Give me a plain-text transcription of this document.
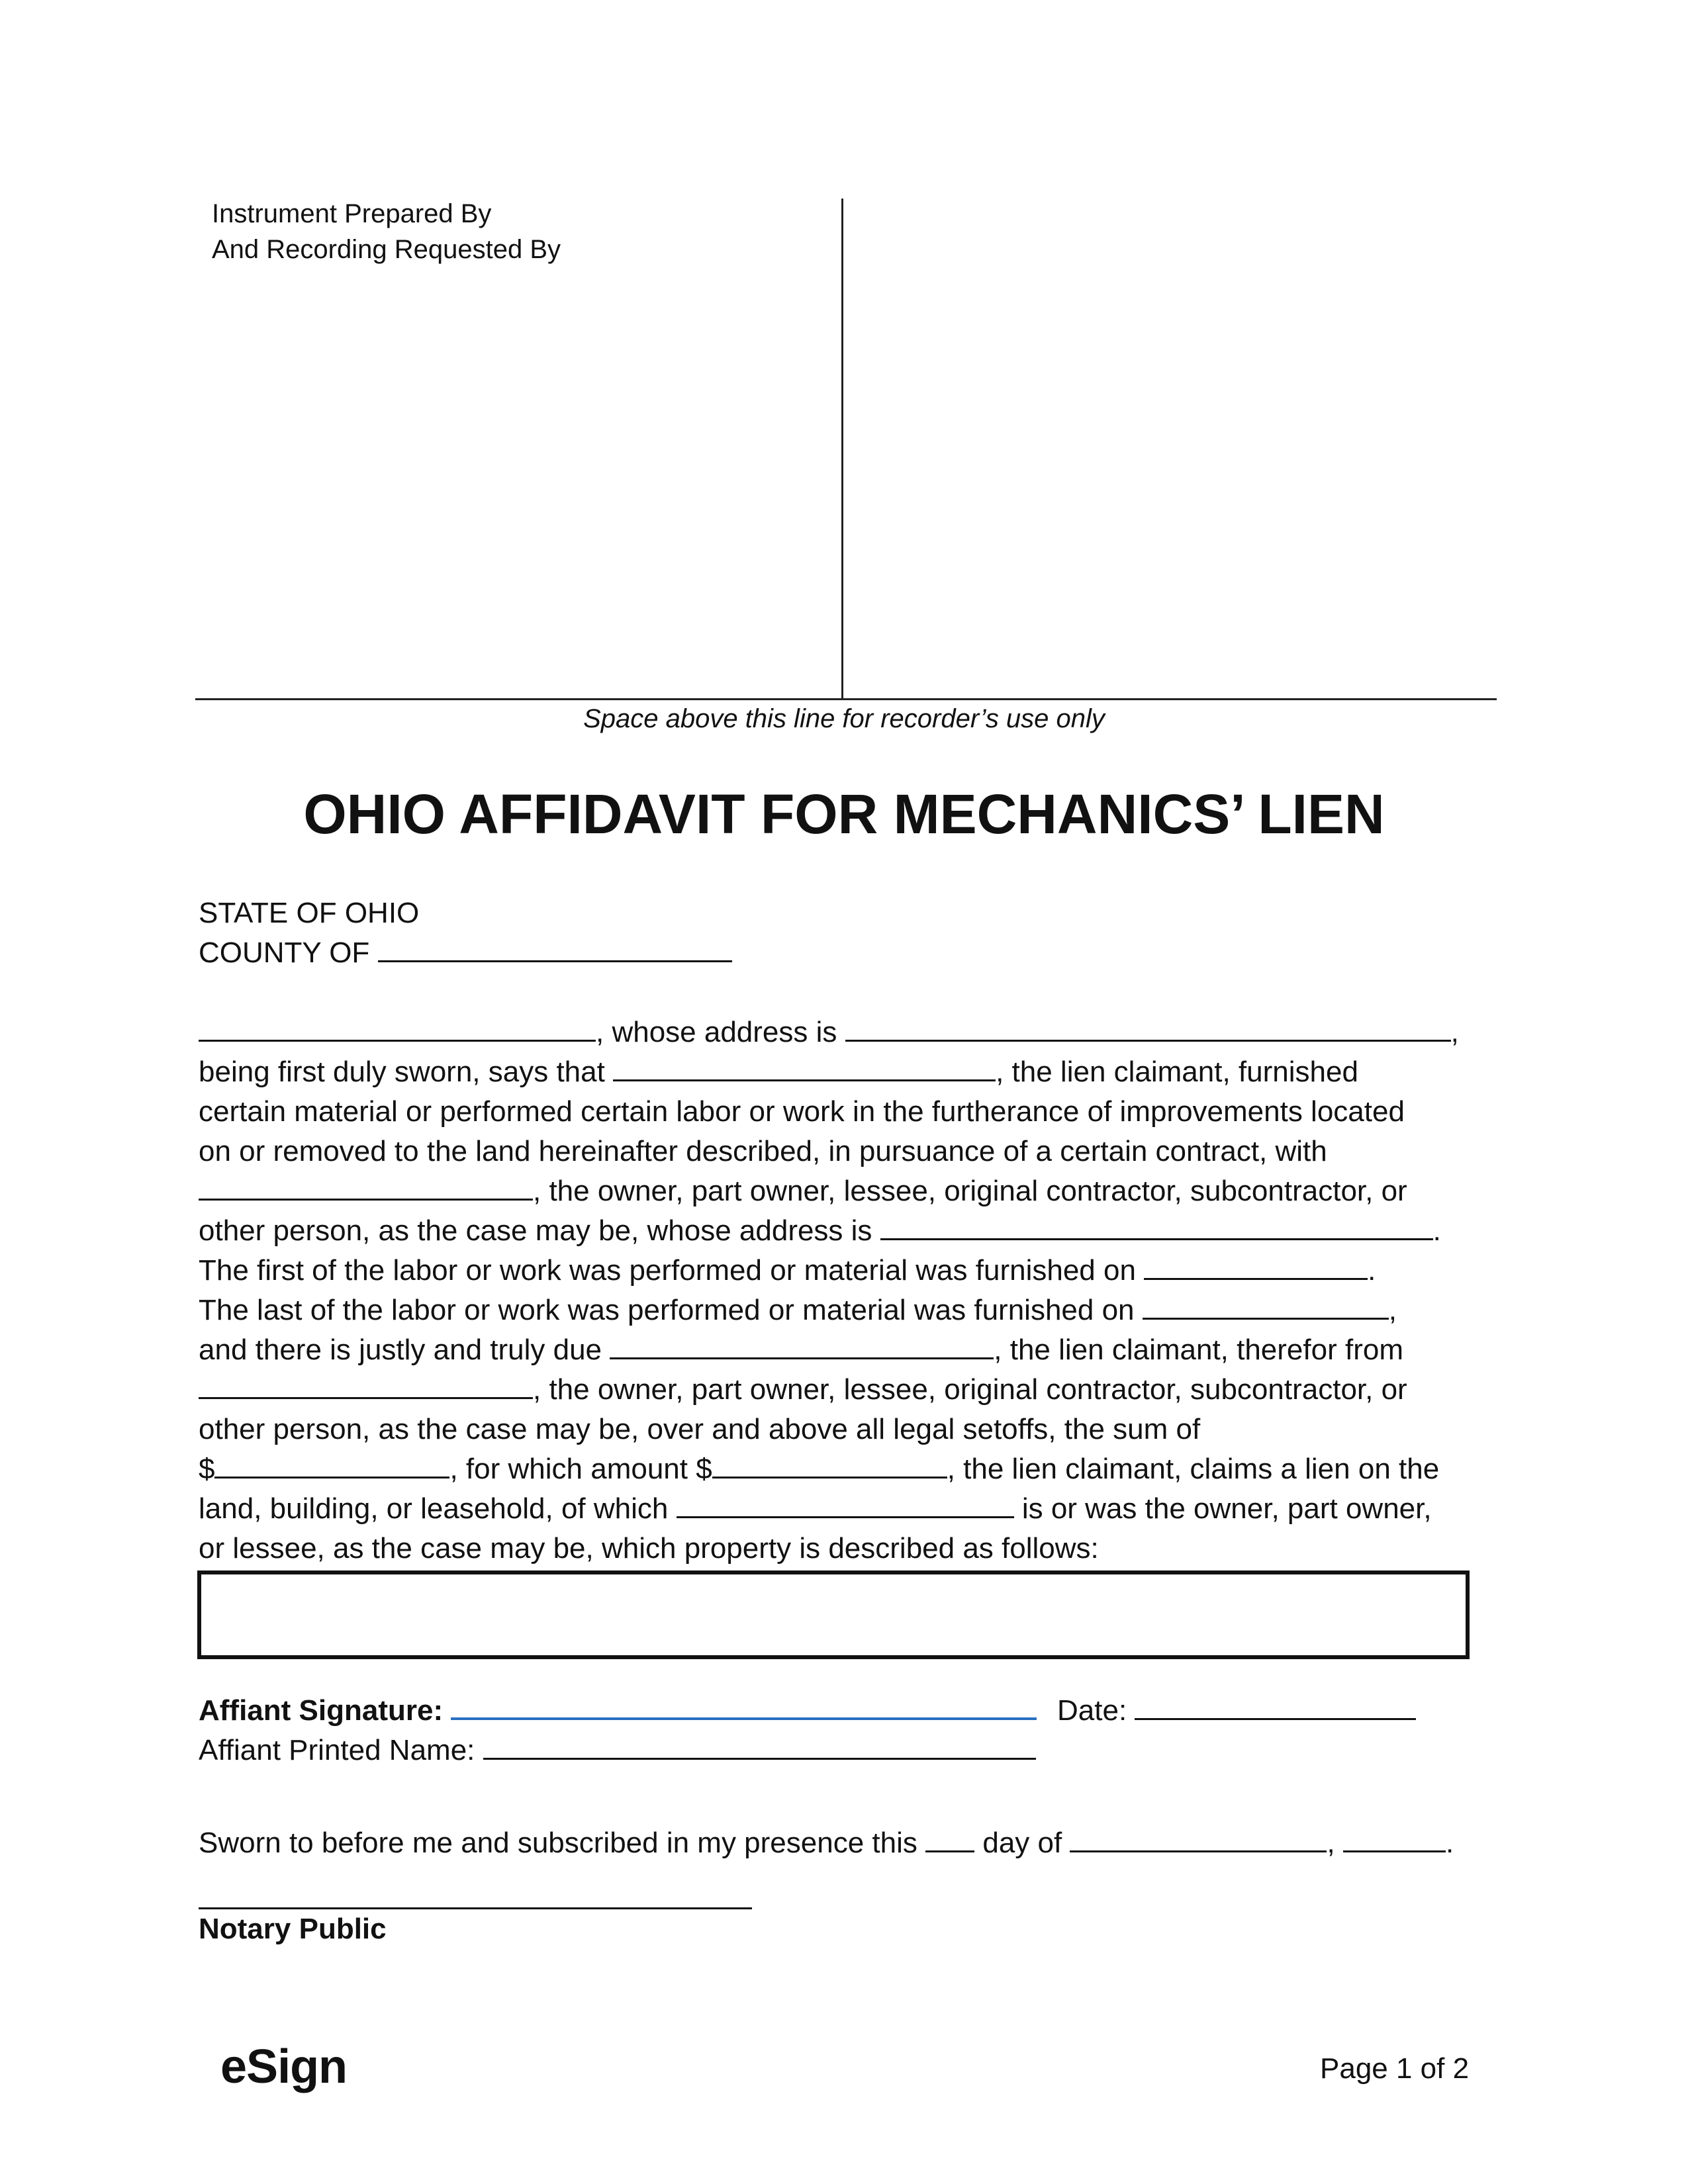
Instrument Prepared By
And Recording Requested By
Space above this line for recorder’s use only
OHIO AFFIDAVIT FOR MECHANICS’ LIEN
STATE OF OHIO
COUNTY OF
, whose address is	,
being first duly sworn, says that	, the lien claimant, furnished
certain material or performed certain labor or work in the furtherance of improvements located
on or removed to the land hereinafter described, in pursuance of a certain contract, with
, the owner, part owner, lessee, original contractor, subcontractor, or
other person, as the case may be, whose address is	.
The first of the labor or work was performed or material was furnished on	.
The last of the labor or work was performed or material was furnished on	,
and there is justly and truly due	, the lien claimant, therefor from
, the owner, part owner, lessee, original contractor, subcontractor, or
other person, as the case may be, over and above all legal setoffs, the sum of
$	, for which amount $	, the lien claimant, claims a lien on the
land, building, or leasehold, of which	is or was the owner, part owner,
or lessee, as the case may be, which property is described as follows:
Affiant Signature:	Date:
Affiant Printed Name:
Sworn to before me and subscribed in my presence this day of	,	.
Notary Public
eSign	Page 1 of 2
